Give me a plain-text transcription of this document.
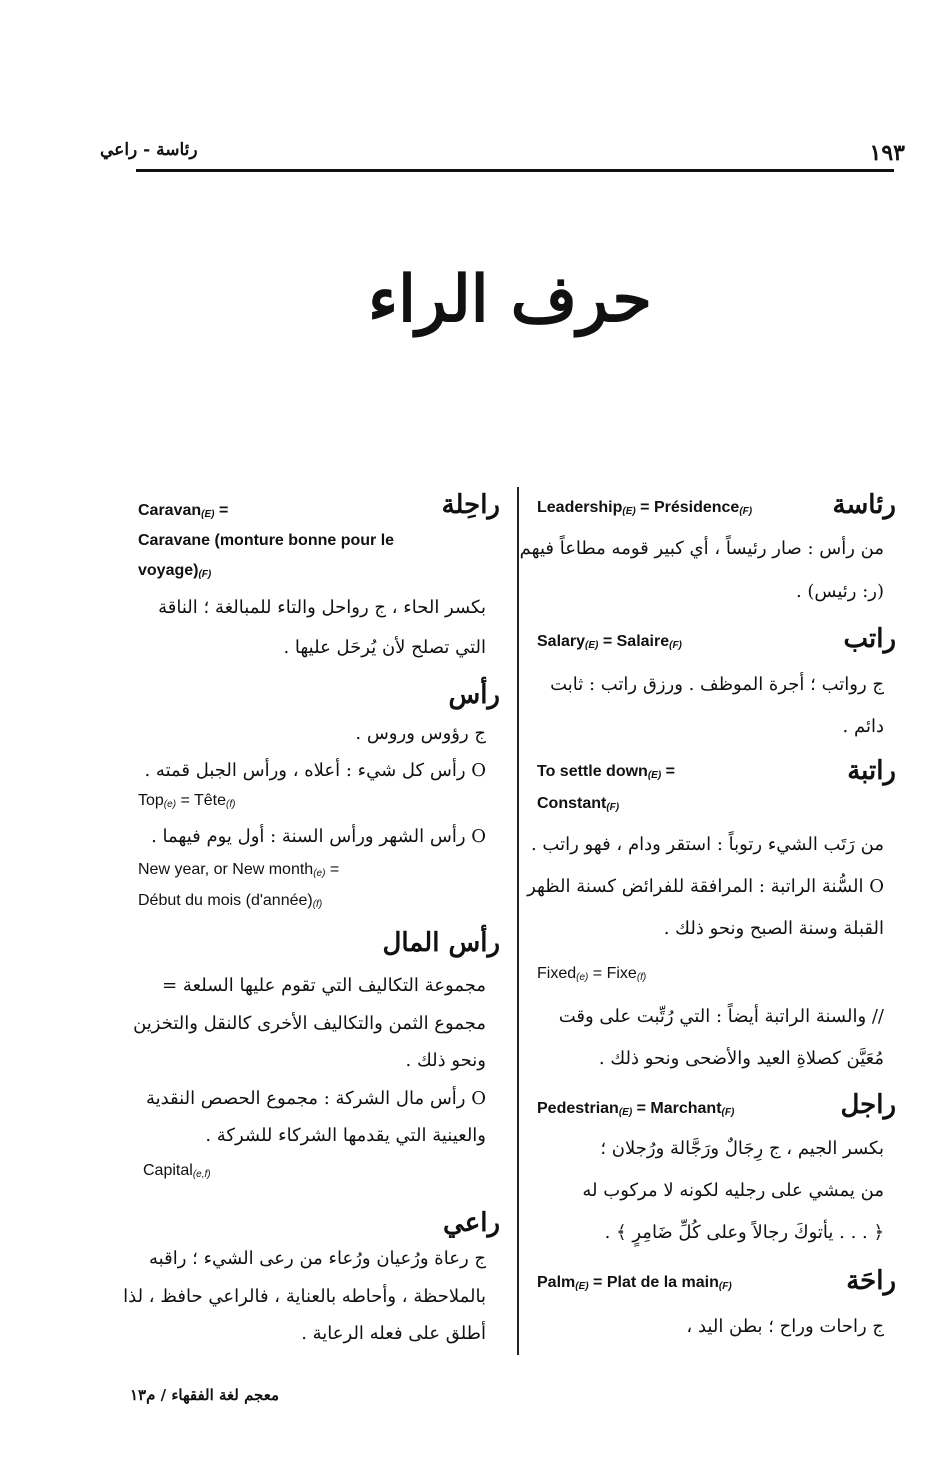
١٩٣
رئاسة - راعي
حرف الراء
رئاسة
Leadership$_{(E)}$ = Présidence$_{(F)}$
من رأس : صار رئيساً ، أي كبير قومه مطاعاً فيهم
(ر: رئيس) .
راتب
Salary$_{(E)}$ = Salaire$_{(F)}$
ج رواتب ؛ أجرة الموظف . ورزق راتب : ثابت
دائم .
راتبة
To settle down$_{(E)}$ =
Constant$_{(F)}$
من رَتَب الشيء رتوباً : استقر ودام ، فهو راتب .
O السُّنة الراتبة : المرافقة للفرائض كسنة الظهر
القبلة وسنة الصبح ونحو ذلك .
Fixed$_{(e)}$ = Fixe$_{(f)}$
// والسنة الراتبة أيضاً : التي رُتِّبت على وقت
مُعَيَّن كصلاةِ العيد والأضحى ونحو ذلك .
راجل
Pedestrian$_{(E)}$ = Marchant$_{(F)}$
بكسر الجيم ، ج رِجَالٌ ورَجَّالة ورُجلان ؛
من يمشي على رجليه لكونه لا مركوب له
﴿ . . . يأتوكَ رجالاً وعلى كُلِّ ضَامِرٍ ﴾ .
راحَة
Palm$_{(E)}$ = Plat de la main$_{(F)}$
ج راحات وراح ؛ بطن اليد ،
راحِلة
Caravan$_{(E)}$ =
Caravane (monture bonne pour le
$voyage)_{(F)}$
بكسر الحاء ، ج رواحل والتاء للمبالغة ؛ الناقة
التي تصلح لأن يُرحَل عليها .
رأس
ج رؤوس وروس .
O رأس كل شيء : أعلاه ، ورأس الجبل قمته .
Top$_{(e)}$ = Tête$_{(f)}$
O رأس الشهر ورأس السنة : أول يوم فيهما .
New year, or New month$_{(e)}$ =
Début du mois $(d'année)_{(f)}$
رأس المال
مجموعة التكاليف التي تقوم عليها السلعة =
مجموع الثمن والتكاليف الأخرى كالنقل والتخزين
ونحو ذلك .
O رأس مال الشركة : مجموع الحصص النقدية
والعينية التي يقدمها الشركاء للشركة .
Capital$_{(e,f)}$
راعي
ج رعاة ورُعيان ورُعاء من رعى الشيء ؛ راقبه
بالملاحظة ، وأحاطه بالعناية ، فالراعي حافظ ، لذا
أطلق على فعله الرعاية .
معجم لغة الفقهاء / م١٣
